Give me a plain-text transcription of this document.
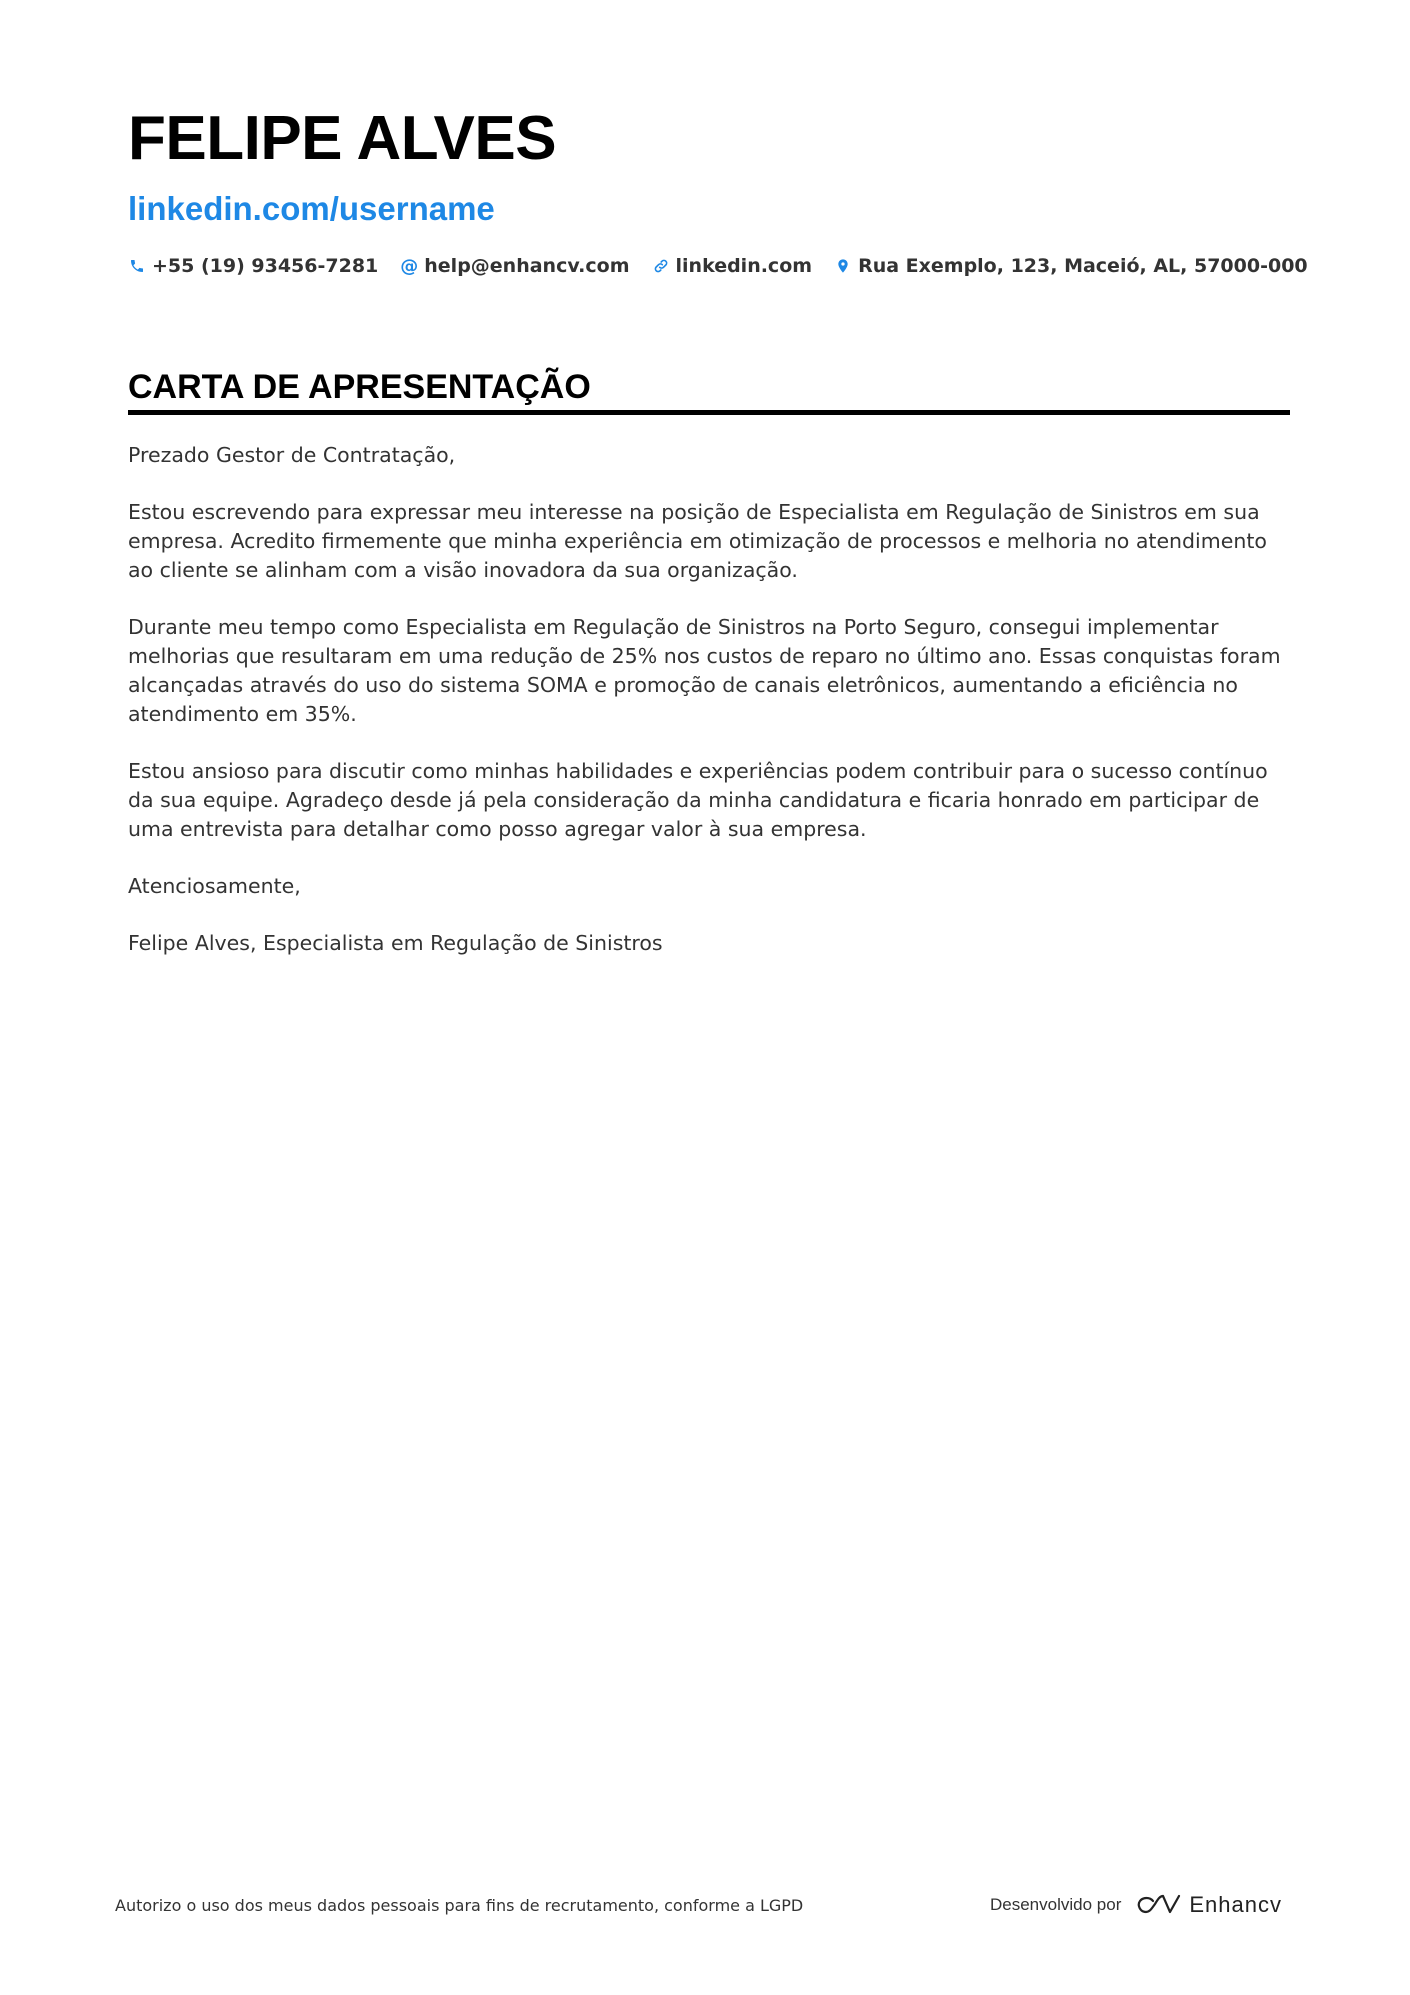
FELIPE ALVES
linkedin.com/username
+55 (19) 93456-7281 @ help@enhancv.com linkedin.com Rua Exemplo, 123, Maceió, AL, 57000-000
CARTA DE APRESENTAÇÃO

Prezado Gestor de Contratação,

Estou escrevendo para expressar meu interesse na posição de Especialista em Regulação de Sinistros em sua empresa. Acredito firmemente que minha experiência em otimização de processos e melhoria no atendimento ao cliente se alinham com a visão inovadora da sua organização.

Durante meu tempo como Especialista em Regulação de Sinistros na Porto Seguro, consegui implementar melhorias que resultaram em uma redução de 25% nos custos de reparo no último ano. Essas conquistas foram alcançadas através do uso do sistema SOMA e promoção de canais eletrônicos, aumentando a eficiência no atendimento em 35%.

Estou ansioso para discutir como minhas habilidades e experiências podem contribuir para o sucesso contínuo da sua equipe. Agradeço desde já pela consideração da minha candidatura e ficaria honrado em participar de uma entrevista para detalhar como posso agregar valor à sua empresa.

Atenciosamente,

Felipe Alves, Especialista em Regulação de Sinistros

Autorizo o uso dos meus dados pessoais para fins de recrutamento, conforme a LGPD	Desenvolvido por	Enhancv
